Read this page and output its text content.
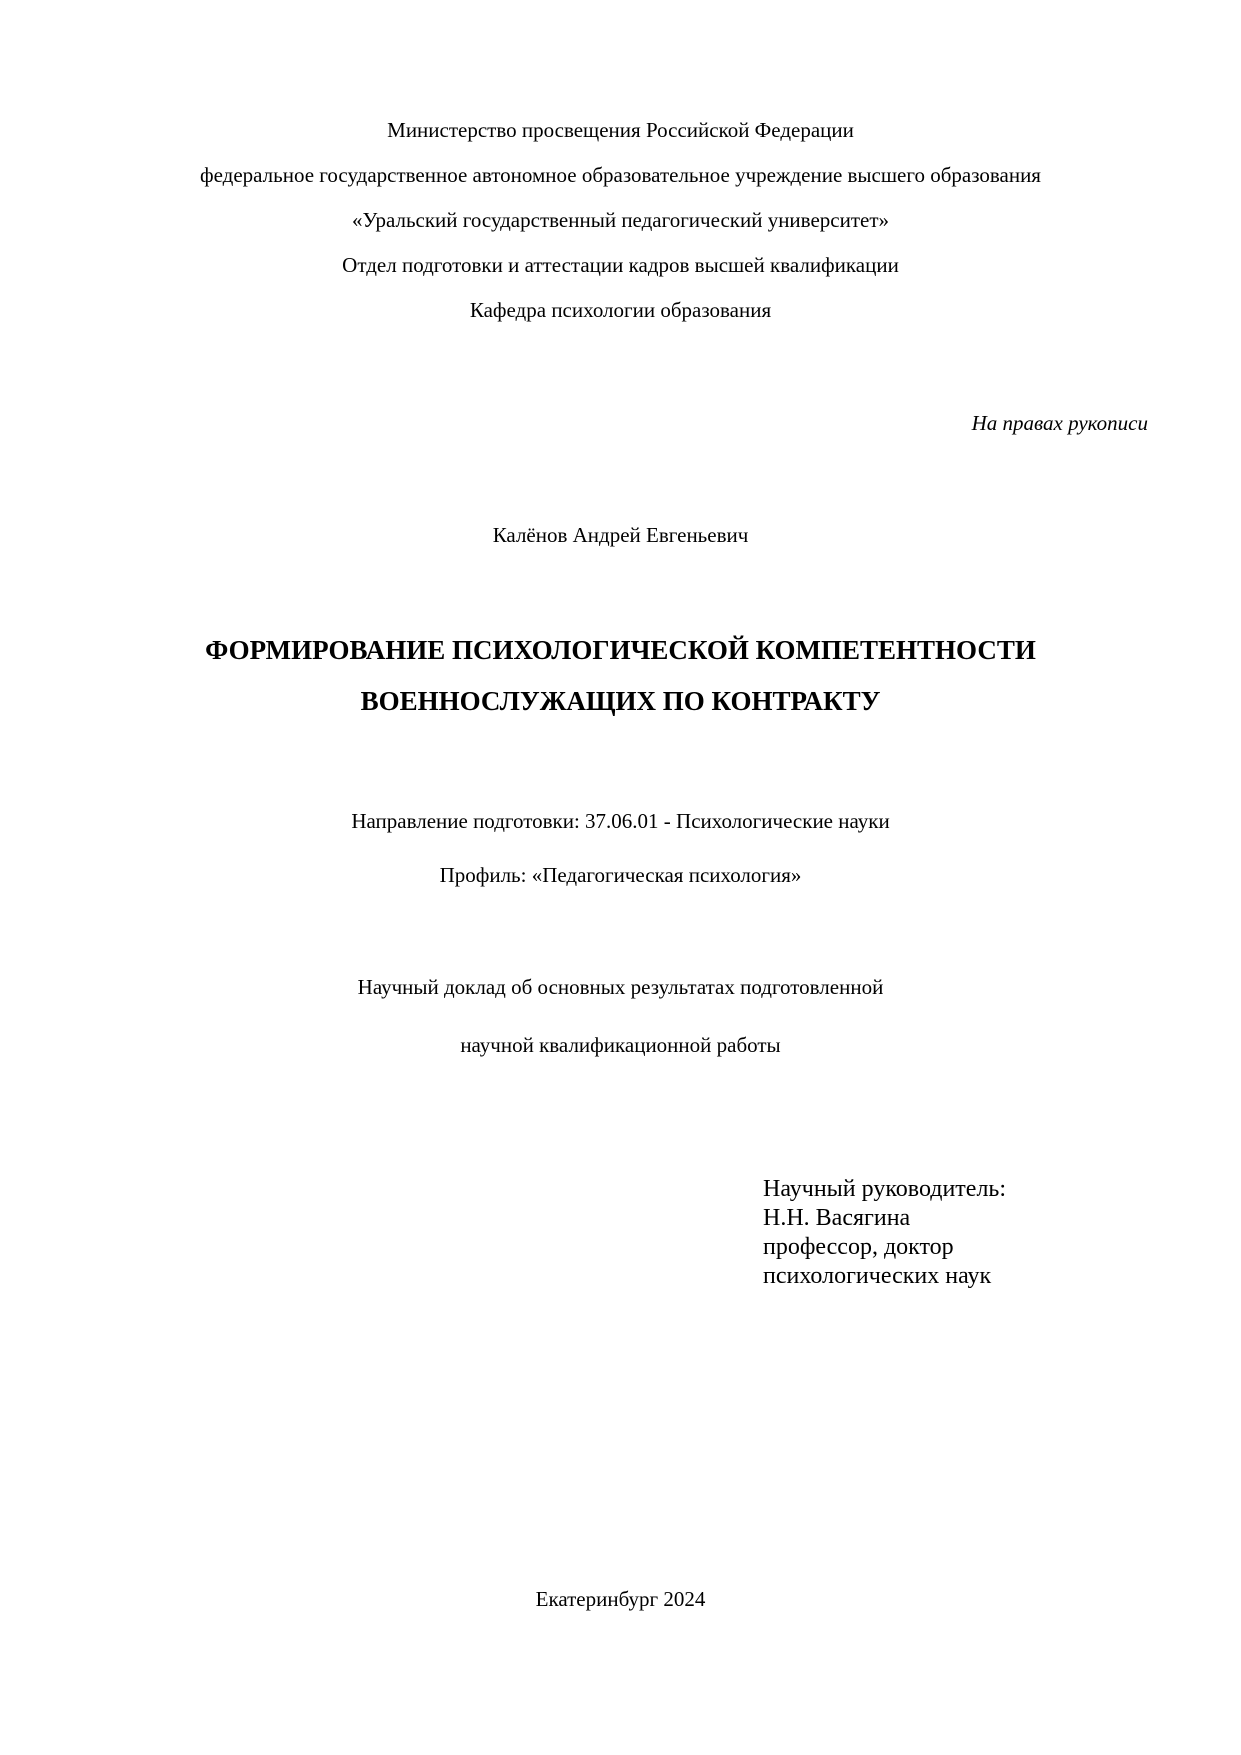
Министерство просвещения Российской Федерации
федеральное государственное автономное образовательное учреждение высшего образования
«Уральский государственный педагогический университет»
Отдел подготовки и аттестации кадров высшей квалификации
Кафедра психологии образования
На правах рукописи
Калёнов Андрей Евгеньевич
ФОРМИРОВАНИЕ ПСИХОЛОГИЧЕСКОЙ КОМПЕТЕНТНОСТИ
ВОЕННОСЛУЖАЩИХ ПО КОНТРАКТУ
Направление подготовки: 37.06.01 - Психологические науки
Профиль: «Педагогическая психология»
Научный доклад об основных результатах подготовленной
научной квалификационной работы
Научный руководитель:
Н.Н. Васягина
профессор, доктор
психологических наук
Екатеринбург 2024
